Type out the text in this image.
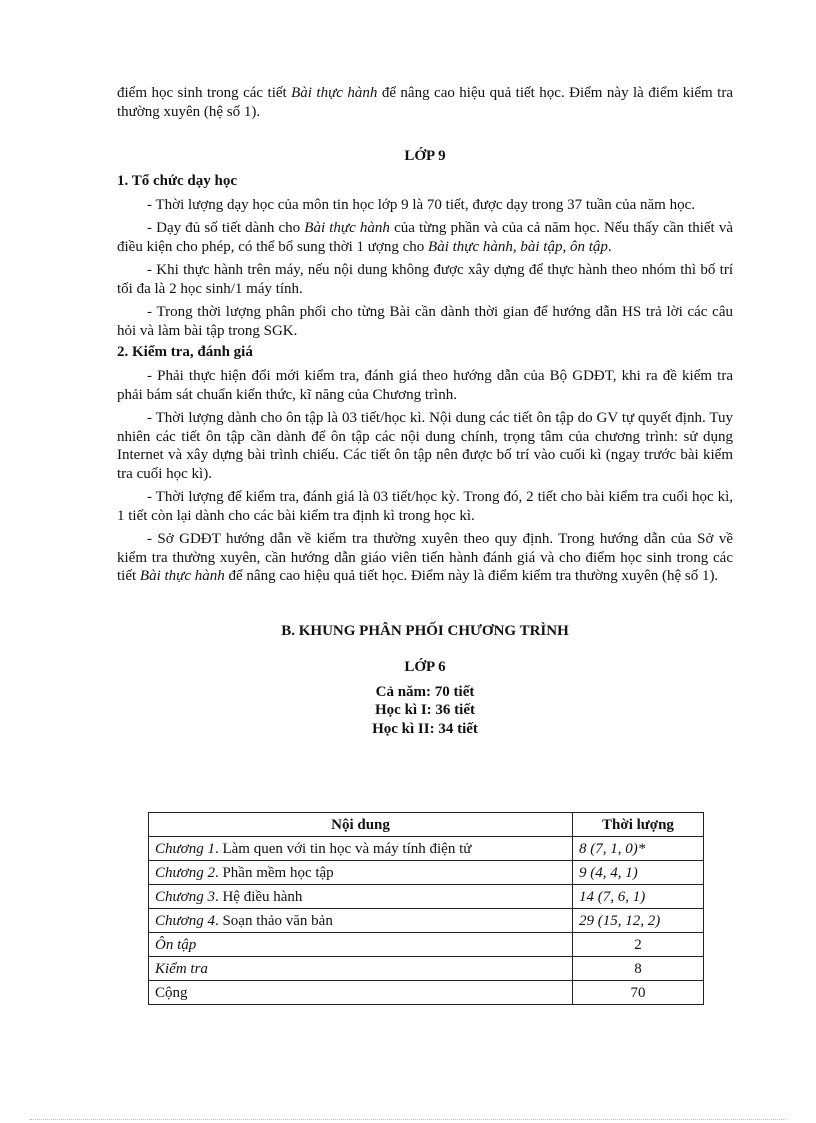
điểm học sinh trong các tiết Bài thực hành để nâng cao hiệu quả tiết học. Điểm này là điểm kiểm tra thường xuyên (hệ số 1).

LỚP 9

1. Tổ chức dạy học

- Thời lượng dạy học của môn tin học lớp 9 là 70 tiết, được dạy trong 37 tuần của năm học.

- Dạy đủ số tiết dành cho Bài thực hành của từng phần và của cả năm học. Nếu thấy cần thiết và điều kiện cho phép, có thể bổ sung thời 1 ượng cho Bài thực hành, bài tập, ôn tập.

- Khi thực hành trên máy, nếu nội dung không được xây dựng để thực hành theo nhóm thì bố trí tối đa là 2 học sinh/1 máy tính.

- Trong thời lượng phân phối cho từng Bài cần dành thời gian để hướng dẫn HS trả lời các câu hỏi và làm bài tập trong SGK.

2. Kiểm tra, đánh giá

- Phải thực hiện đổi mới kiểm tra, đánh giá theo hướng dẫn của Bộ GDĐT, khi ra đề kiểm tra phải bám sát chuẩn kiến thức, kĩ năng của Chương trình.

- Thời lượng dành cho ôn tập là 03 tiết/học kì. Nội dung các tiết ôn tập do GV tự quyết định. Tuy nhiên các tiết ôn tập cần dành để ôn tập các nội dung chính, trọng tâm của chương trình: sử dụng Internet và xây dựng bài trình chiếu. Các tiết ôn tập nên được bố trí vào cuối kì (ngay trước bài kiểm tra cuối học kì).

- Thời lượng để kiểm tra, đánh giá là 03 tiết/học kỳ. Trong đó, 2 tiết cho bài kiểm tra cuối học kì, 1 tiết còn lại dành cho các bài kiểm tra định kì trong học kì.

- Sở GDĐT hướng dẫn về kiểm tra thường xuyên theo quy định. Trong hướng dẫn của Sở về kiểm tra thường xuyên, cần hướng dẫn giáo viên tiến hành đánh giá và cho điểm học sinh trong các tiết Bài thực hành để nâng cao hiệu quả tiết học. Điểm này là điểm kiểm tra thường xuyên (hệ số 1).

B. KHUNG PHÂN PHỐI CHƯƠNG TRÌNH

LỚP 6

Cả năm: 70 tiết

Học kì I: 36 tiết

Học kì II: 34 tiết

Nội dung	Thời lượng
Chương 1. Làm quen với tin học và máy tính điện tử	8 (7, 1, 0)*
Chương 2. Phần mềm học tập	9 (4, 4, 1)
Chương 3. Hệ điều hành	14 (7, 6, 1)
Chương 4. Soạn thảo văn bản	29 (15, 12, 2)
Ôn tập	2
Kiểm tra	8
Cộng	70
